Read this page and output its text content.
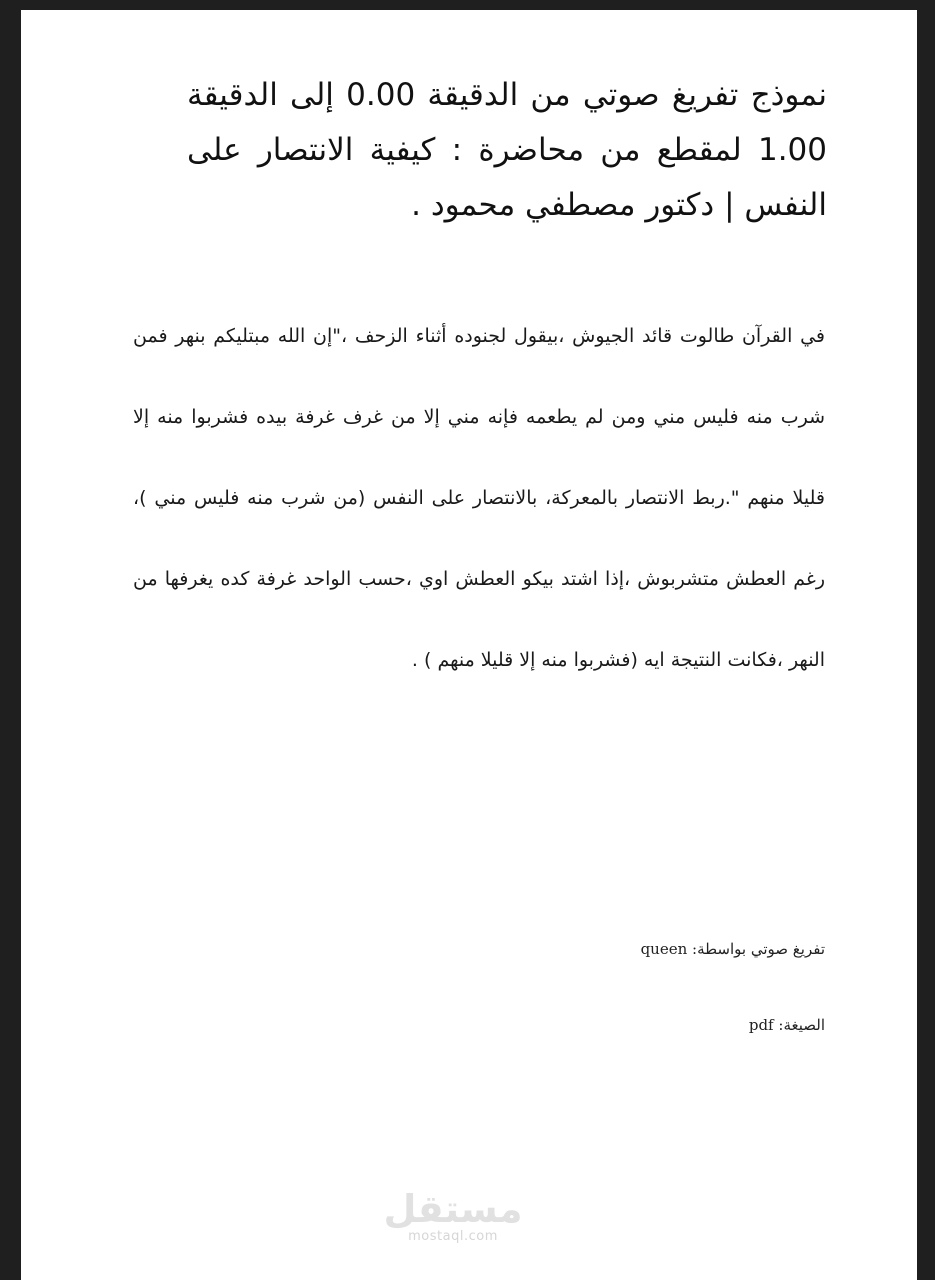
نموذج تفريغ صوتي من الدقيقة 0.00 إلى الدقيقة 1.00 لمقطع من محاضرة : كيفية الانتصار على النفس | دكتور مصطفي محمود .

في القرآن طالوت قائد الجيوش ،بيقول لجنوده أثناء الزحف ،"إن الله مبتليكم بنهر فمن شرب منه فليس مني ومن لم يطعمه فإنه مني إلا من غرف غرفة بيده فشربوا منه إلا قليلا منهم ".ربط الانتصار بالمعركة، بالانتصار على النفس (من شرب منه فليس مني )، رغم العطش متشربوش ،إذا اشتد بيكو العطش اوي ،حسب الواحد غرفة كده يغرفها من النهر ،فكانت النتيجة ايه (فشربوا منه إلا قليلا منهم ) .

تفريغ صوتي بواسطة: queen

الصيغة: pdf

مستقل
mostaql.com
